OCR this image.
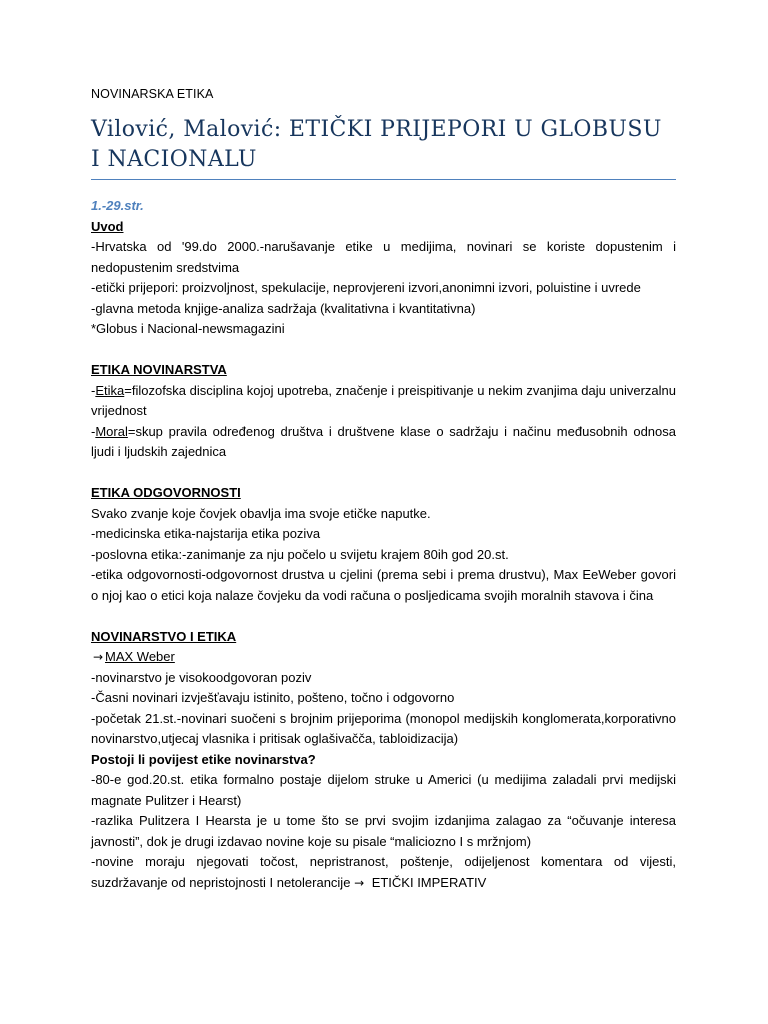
NOVINARSKA ETIKA
Vilović, Malović: ETIČKI PRIJEPORI U GLOBUSU I NACIONALU
1.-29.str.
Uvod
-Hrvatska od '99.do 2000.-narušavanje etike u medijima, novinari se koriste dopustenim i nedopustenim sredstvima
-etički prijepori: proizvoljnost, spekulacije, neprovjereni izvori,anonimni izvori, poluistine i uvrede
-glavna metoda knjige-analiza sadržaja (kvalitativna i kvantitativna)
*Globus i Nacional-newsmagazini
ETIKA NOVINARSTVA
-Etika=filozofska disciplina kojoj upotreba, značenje i preispitivanje u nekim zvanjima daju univerzalnu vrijednost
-Moral=skup pravila određenog društva i društvene klase o sadržaju i načinu međusobnih odnosa ljudi i ljudskih zajednica
ETIKA ODGOVORNOSTI
Svako zvanje koje čovjek obavlja ima svoje etičke naputke.
-medicinska etika-najstarija etika poziva
-poslovna etika:-zanimanje za nju počelo u svijetu krajem 80ih god 20.st.
-etika odgovornosti-odgovornost drustva u cjelini (prema sebi i prema drustvu), Max EeWeber govori o njoj kao o etici koja nalaze čovjeku da vodi računa o posljedicama svojih moralnih stavova i čina
NOVINARSTVO I ETIKA
→ MAX Weber
-novinarstvo je visokoodgovoran poziv
-Časni novinari izvješťavaju istinito, pošteno, točno i odgovorno
-početak 21.st.-novinari suočeni s brojnim prijeporima (monopol medijskih konglomerata,korporativno novinarstvo,utjecaj vlasnika i pritisak oglašivačča, tabloidizacija)
Postoji li povijest etike novinarstva?
-80-e god.20.st. etika formalno postaje dijelom struke u Americi (u medijima zaladali prvi medijski magnate Pulitzer i Hearst)
-razlika Pulitzera I Hearsta je u tome što se prvi svojim izdanjima zalagao za “očuvanje interesa javnosti”, dok je drugi izdavao novine koje su pisale “maliciozno I s mržnjom)
-novine moraju njegovati točost, nepristranost, poštenje, odijeljenost komentara od vijesti, suzdržavanje od nepristojnosti I netolerancije → ETIČKI IMPERATIV
